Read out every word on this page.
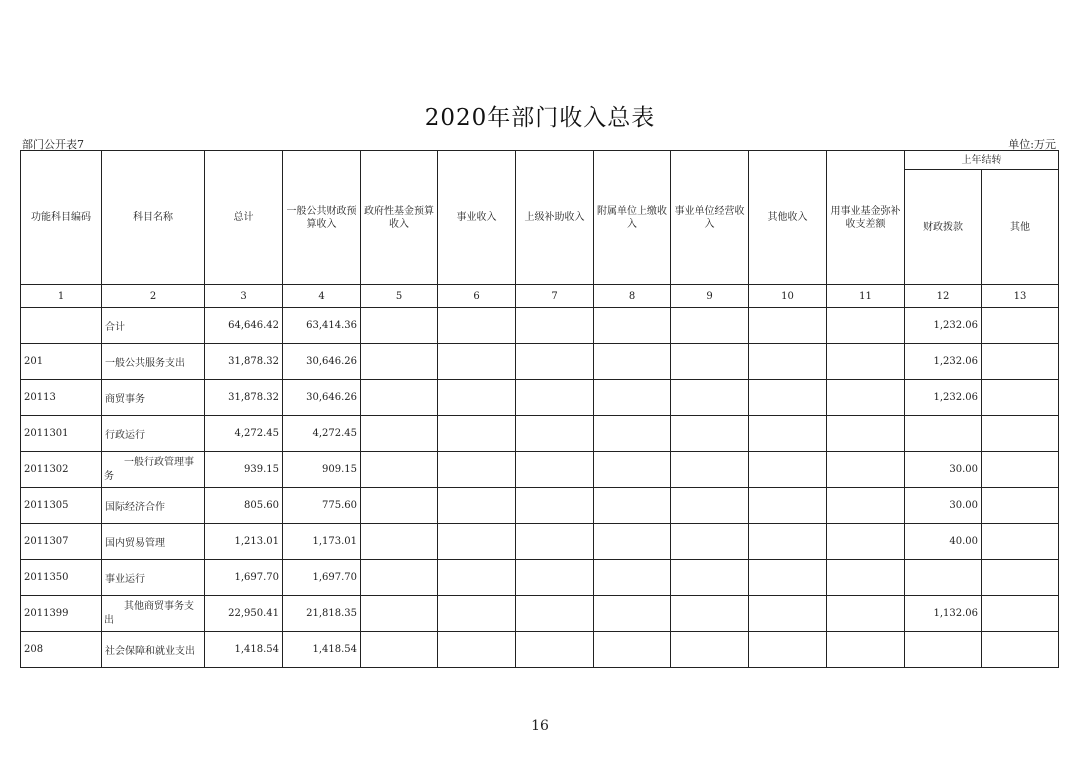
2020年部门收入总表
部门公开表7	单位:万元
功能科目编码	科目名称	总计	一般公共财政预算收入	政府性基金预算收入	事业收入	上级补助收入	附属单位上缴收入	事业单位经营收入	其他收入	用事业基金弥补收支差额	上年结转	
											财政拨款	其他
1	2	3	4	5	6	7	8	9	10	11	12	13
	合计	64,646.42	63,414.36								1,232.06	
201	一般公共服务支出	31,878.32	30,646.26								1,232.06	
20113	商贸事务	31,878.32	30,646.26								1,232.06	
2011301	行政运行	4,272.45	4,272.45									
2011302	一般行政管理事务	939.15	909.15								30.00	
2011305	国际经济合作	805.60	775.60								30.00	
2011307	国内贸易管理	1,213.01	1,173.01								40.00	
2011350	事业运行	1,697.70	1,697.70									
2011399	其他商贸事务支出	22,950.41	21,818.35								1,132.06	
208	社会保障和就业支出	1,418.54	1,418.54									
16
